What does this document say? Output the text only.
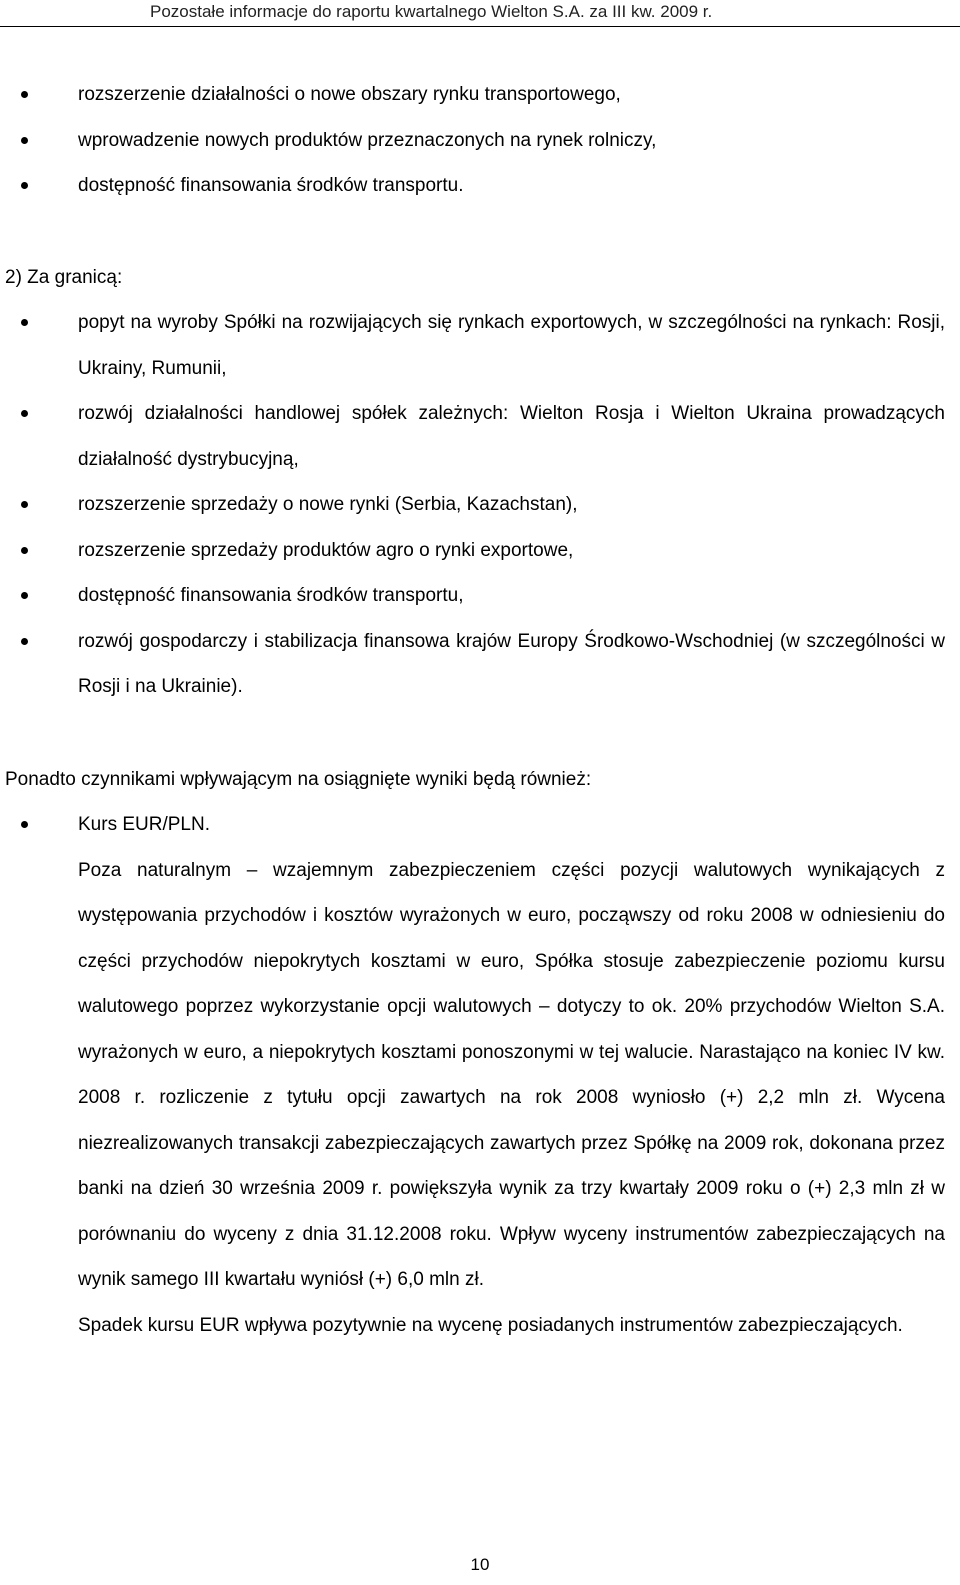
Pozostałe informacje do raportu kwartalnego Wielton S.A. za III kw. 2009 r.
rozszerzenie działalności o nowe obszary rynku transportowego,
wprowadzenie nowych produktów przeznaczonych na rynek rolniczy,
dostępność finansowania środków transportu.

2) Za granicą:

popyt na wyroby Spółki na rozwijających się rynkach exportowych, w szczególności na rynkach: Rosji, Ukrainy, Rumunii,
rozwój działalności handlowej spółek zależnych: Wielton Rosja i Wielton Ukraina prowadzących działalność dystrybucyjną,
rozszerzenie sprzedaży o nowe rynki (Serbia, Kazachstan),
rozszerzenie sprzedaży produktów agro o rynki exportowe,
dostępność finansowania środków transportu,
rozwój gospodarczy i stabilizacja finansowa krajów Europy Środkowo-Wschodniej (w szczególności w Rosji i na Ukrainie).

Ponadto czynnikami wpływającym na osiągnięte wyniki będą również:

Kurs EUR/PLN.

Poza naturalnym – wzajemnym zabezpieczeniem części pozycji walutowych wynikających z występowania przychodów i kosztów wyrażonych w euro, począwszy od roku 2008 w odniesieniu do części przychodów niepokrytych kosztami w euro, Spółka stosuje zabezpieczenie poziomu kursu walutowego poprzez wykorzystanie opcji walutowych – dotyczy to ok. 20% przychodów Wielton S.A. wyrażonych w euro, a niepokrytych kosztami ponoszonymi w tej walucie. Narastająco na koniec IV kw. 2008 r. rozliczenie z tytułu opcji zawartych na rok 2008 wyniosło (+) 2,2 mln zł. Wycena niezrealizowanych transakcji zabezpieczających zawartych przez Spółkę na 2009 rok, dokonana przez banki na dzień 30 września 2009 r. powiększyła wynik za trzy kwartały 2009 roku o (+) 2,3 mln zł w porównaniu do wyceny z dnia 31.12.2008 roku. Wpływ wyceny instrumentów zabezpieczających na wynik samego III kwartału wyniósł (+) 6,0 mln zł.

Spadek kursu EUR wpływa pozytywnie na wycenę posiadanych instrumentów zabezpieczających.

10
